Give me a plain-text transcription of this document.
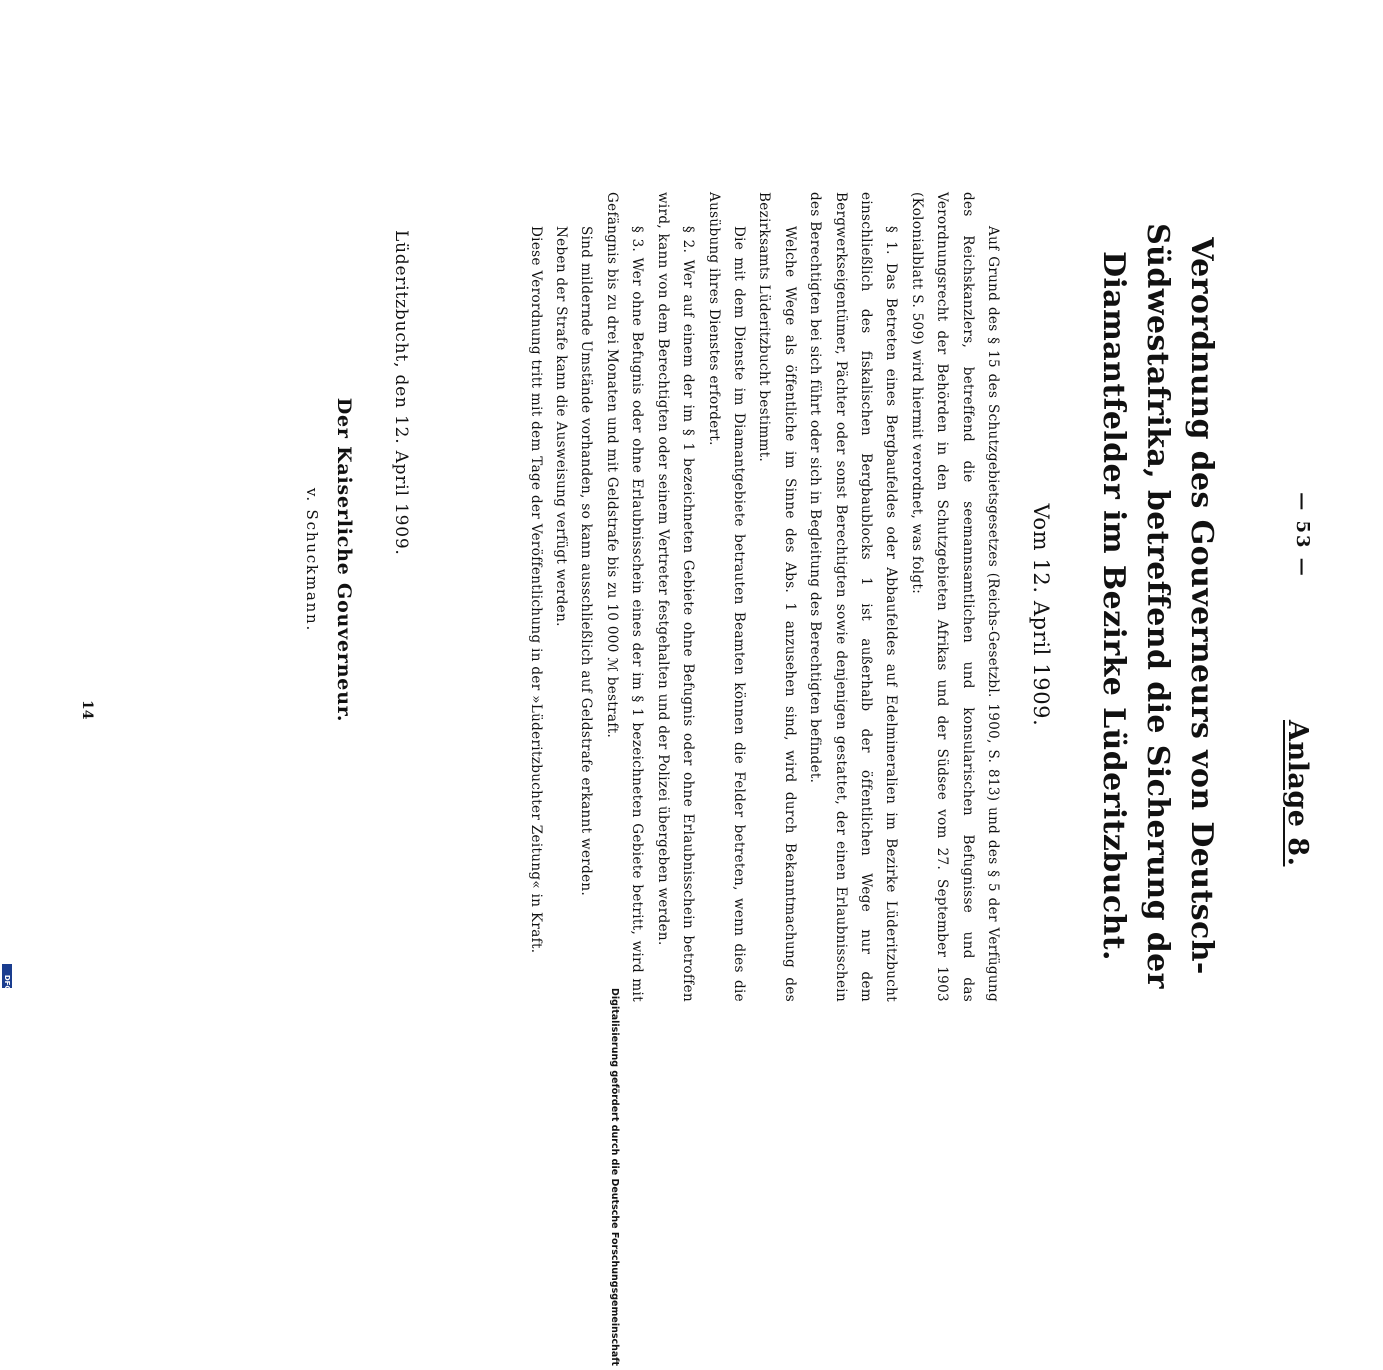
Anlage 8.
— 53 —
Verordnung des Gouverneurs von Deutsch-Südwestafrika, betreffend die Sicherung der Diamantfelder im Bezirke Lüderitzbucht.
Vom 12. April 1909.

Auf Grund des § 15 des Schutzgebietsgesetzes (Reichs-Gesetzbl. 1900, S. 813) und des § 5 der Verfügung des Reichskanzlers, betreffend die seemannsamtlichen und konsularischen Befugnisse und das Verordnungsrecht der Behörden in den Schutzgebieten Afrikas und der Südsee vom 27. September 1903 (Kolonialblatt S. 509) wird hiermit verordnet, was folgt:

§ 1. Das Betreten eines Bergbaufeldes oder Abbaufeldes auf Edelmineralien im Bezirke Lüderitzbucht einschließlich des fiskalischen Bergbaublocks 1 ist außerhalb der öffentlichen Wege nur dem Bergwerkseigentümer, Pächter oder sonst Berechtigten sowie denjenigen gestattet, der einen Erlaubnisschein des Berechtigten bei sich führt oder sich in Begleitung des Berechtigten befindet.

Welche Wege als öffentliche im Sinne des Abs. 1 anzusehen sind, wird durch Bekanntmachung des Bezirksamts Lüderitzbucht bestimmt.

Die mit dem Dienste im Diamantgebiete betrauten Beamten können die Felder betreten, wenn dies die Ausübung ihres Dienstes erfordert.

§ 2. Wer auf einem der im § 1 bezeichneten Gebiete ohne Befugnis oder ohne Erlaubnisschein betroffen wird, kann von dem Berechtigten oder seinem Vertreter festgehalten und der Polizei übergeben werden.

§ 3. Wer ohne Befugnis oder ohne Erlaubnisschein eines der im § 1 bezeichneten Gebiete betritt, wird mit Gefängnis bis zu drei Monaten und mit Geldstrafe bis zu 10 000 ℳ bestraft.

Sind mildernde Umstände vorhanden, so kann ausschließlich auf Geldstrafe erkannt werden.

Neben der Strafe kann die Ausweisung verfügt werden.

Diese Verordnung tritt mit dem Tage der Veröffentlichung in der »Lüderitzbuchter Zeitung« in Kraft.

Lüderitzbucht, den 12. April 1909.
Der Kaiserliche Gouverneur.
v. Schuckmann.
14
Digitalisierung gefördert durch die Deutsche Forschungsgemeinschaft
DFG
